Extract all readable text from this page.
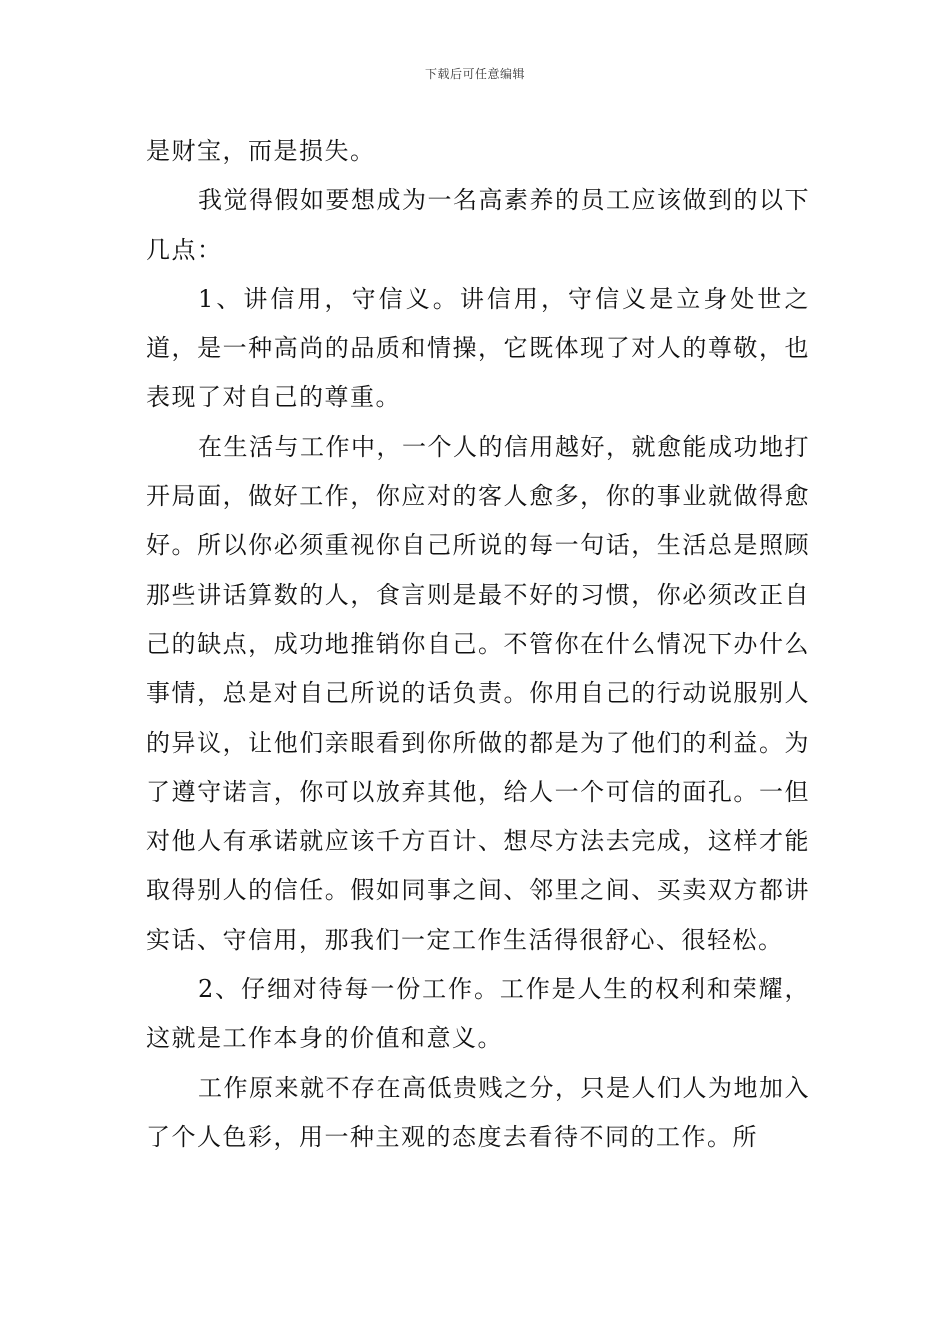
下载后可任意编辑

是财宝，而是损失。

我觉得假如要想成为一名高素养的员工应该做到的以下几点：

1、讲信用，守信义。讲信用，守信义是立身处世之道，是一种高尚的品质和情操，它既体现了对人的尊敬，也表现了对自己的尊重。

在生活与工作中，一个人的信用越好，就愈能成功地打开局面，做好工作，你应对的客人愈多，你的事业就做得愈好。所以你必须重视你自己所说的每一句话，生活总是照顾那些讲话算数的人，食言则是最不好的习惯，你必须改正自己的缺点，成功地推销你自己。不管你在什么情况下办什么事情，总是对自己所说的话负责。你用自己的行动说服别人的异议，让他们亲眼看到你所做的都是为了他们的利益。为了遵守诺言，你可以放弃其他，给人一个可信的面孔。一但对他人有承诺就应该千方百计、想尽方法去完成，这样才能取得别人的信任。假如同事之间、邻里之间、买卖双方都讲实话、守信用，那我们一定工作生活得很舒心、很轻松。

2、仔细对待每一份工作。工作是人生的权利和荣耀，这就是工作本身的价值和意义。

工作原来就不存在高低贵贱之分，只是人们人为地加入了个人色彩，用一种主观的态度去看待不同的工作。所
